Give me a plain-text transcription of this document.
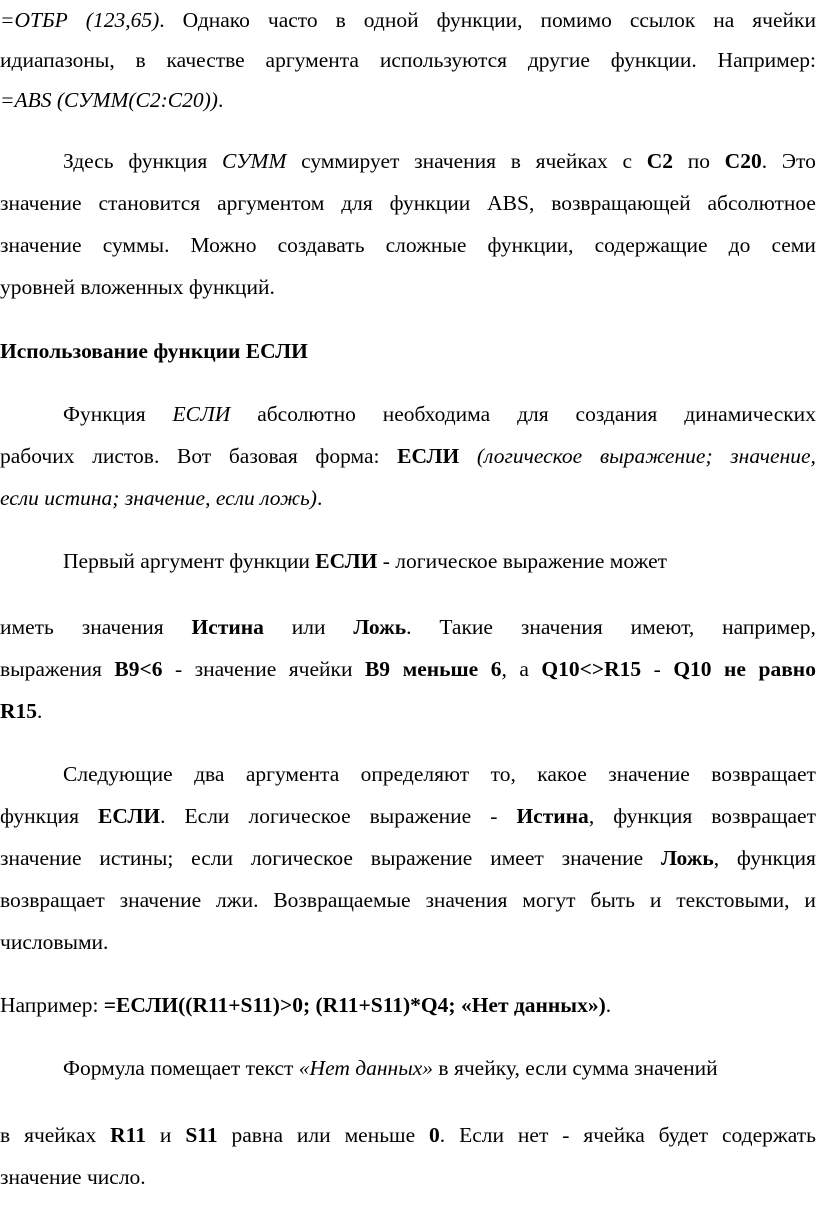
=ОТБР (123,65). Однако часто в одной функции, помимо ссылок на ячейки
идиапазоны, в качестве аргумента используются другие функции. Например:
=ABS (СУММ(С2:С20)).
Здесь функция СУММ суммирует значения в ячейках с С2 по С20. Это
значение становится аргументом для функции ABS, возвращающей абсолютное
значение суммы. Можно создавать сложные функции, содержащие до семи
уровней вложенных функций.
Использование функции ЕСЛИ
Функция ЕСЛИ абсолютно необходима для создания динамических
рабочих листов. Вот базовая форма: ЕСЛИ (логическое выражение; значение,
если истина; значение, если ложь).
Первый аргумент функции ЕСЛИ - логическое выражение может
иметь значения Истина или Ложь. Такие значения имеют, например,
выражения B9<6 - значение ячейки B9 меньше 6, а Q10<>R15 - Q10 не равно
R15.
Следующие два аргумента определяют то, какое значение возвращает
функция ЕСЛИ. Если логическое выражение - Истина, функция возвращает
значение истины; если логическое выражение имеет значение Ложь, функция
возвращает значение лжи. Возвращаемые значения могут быть и текстовыми, и
числовыми.
Например: =ЕСЛИ((R11+S11)>0; (R11+S11)*Q4; «Нет данных»).
Формула помещает текст «Нет данных» в ячейку, если сумма значений
в ячейках R11 и S11 равна или меньше 0. Если нет - ячейка будет содержать
значение число.
